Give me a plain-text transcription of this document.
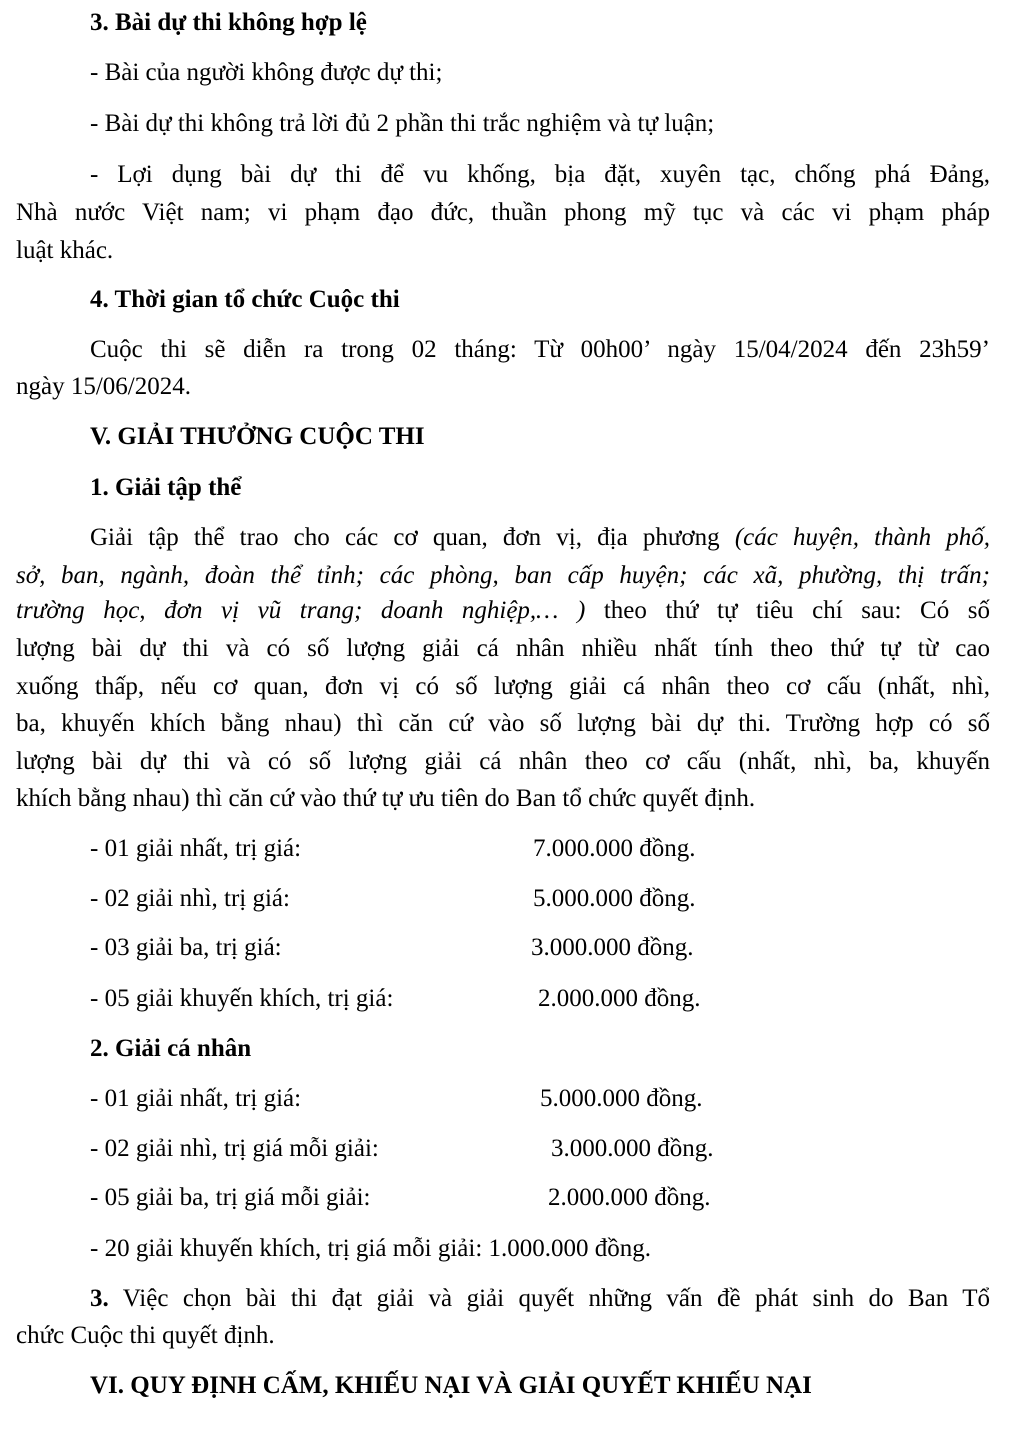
3. Bài dự thi không hợp lệ

- Bài của người không được dự thi;

- Bài dự thi không trả lời đủ 2 phần thi trắc nghiệm và tự luận;

- Lợi dụng bài dự thi để vu khống, bịa đặt, xuyên tạc, chống phá Đảng,

Nhà nước Việt nam; vi phạm đạo đức, thuần phong mỹ tục và các vi phạm pháp

luật khác.

4. Thời gian tổ chức Cuộc thi

Cuộc thi sẽ diễn ra trong 02 tháng: Từ 00h00’ ngày 15/04/2024 đến 23h59’

ngày 15/06/2024.

V. GIẢI THƯỞNG CUỘC THI

1. Giải tập thể

Giải tập thể trao cho các cơ quan, đơn vị, địa phương (các huyện, thành phố,

sở, ban, ngành, đoàn thể tỉnh; các phòng, ban cấp huyện; các xã, phường, thị trấn;

trường học, đơn vị vũ trang; doanh nghiệp,… ) theo thứ tự tiêu chí sau: Có số

lượng bài dự thi và có số lượng giải cá nhân nhiều nhất tính theo thứ tự từ cao

xuống thấp, nếu cơ quan, đơn vị có số lượng giải cá nhân theo cơ cấu (nhất, nhì,

ba, khuyến khích bằng nhau) thì căn cứ vào số lượng bài dự thi. Trường hợp có số

lượng bài dự thi và có số lượng giải cá nhân theo cơ cấu (nhất, nhì, ba, khuyến

khích bằng nhau) thì căn cứ vào thứ tự ưu tiên do Ban tổ chức quyết định.

- 01 giải nhất, trị giá:	7.000.000 đồng.
- 02 giải nhì, trị giá:	5.000.000 đồng.
- 03 giải ba, trị giá:	3.000.000 đồng.
- 05 giải khuyến khích, trị giá:	2.000.000 đồng.

2. Giải cá nhân

- 01 giải nhất, trị giá:	5.000.000 đồng.
- 02 giải nhì, trị giá mỗi giải:	3.000.000 đồng.
- 05 giải ba, trị giá mỗi giải:	2.000.000 đồng.
- 20 giải khuyến khích, trị giá mỗi giải: 1.000.000 đồng.

3. Việc chọn bài thi đạt giải và giải quyết những vấn đề phát sinh do Ban Tổ

chức Cuộc thi quyết định.

VI. QUY ĐỊNH CẤM, KHIẾU NẠI VÀ GIẢI QUYẾT KHIẾU NẠI
